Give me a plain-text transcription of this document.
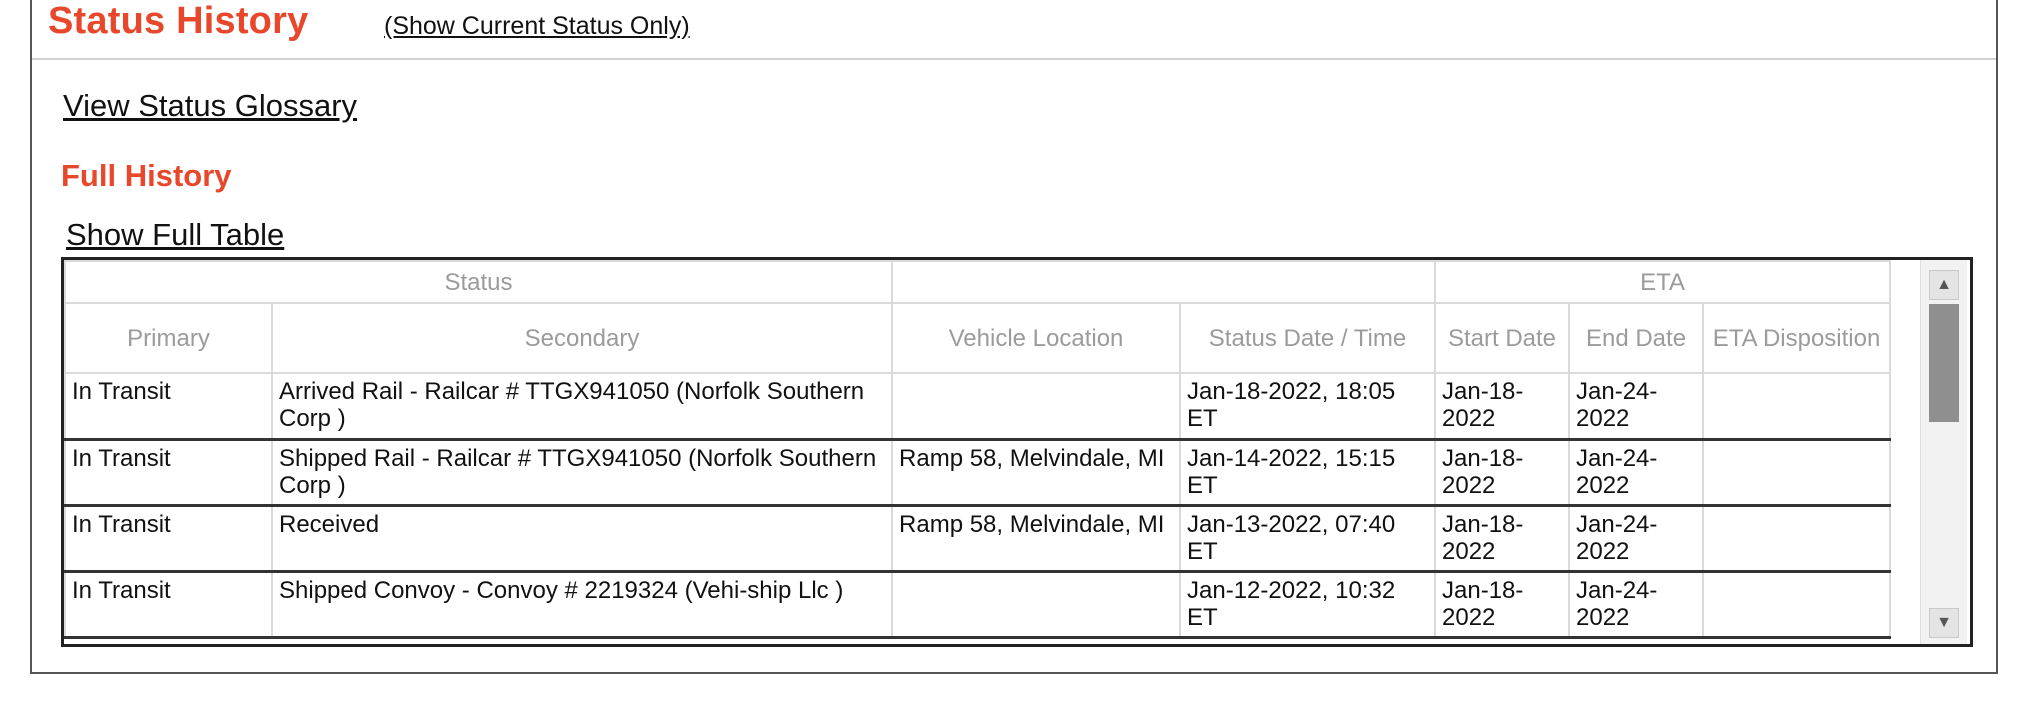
Status History	(Show Current Status Only)
View Status Glossary
Full History
Show Full Table
Status				ETA		
Primary	Secondary	Vehicle Location	Status Date / Time	Start Date	End Date	ETA Disposition
In Transit	Arrived Rail - Railcar # TTGX941050 (Norfolk Southern Corp )		Jan-18-2022, 18:05 ET	Jan-18-2022	Jan-24-2022	
In Transit	Shipped Rail - Railcar # TTGX941050 (Norfolk Southern Corp )	Ramp 58, Melvindale, MI	Jan-14-2022, 15:15 ET	Jan-18-2022	Jan-24-2022	
In Transit	Received	Ramp 58, Melvindale, MI	Jan-13-2022, 07:40 ET	Jan-18-2022	Jan-24-2022	
In Transit	Shipped Convoy - Convoy # 2219324 (Vehi-ship Llc )		Jan-12-2022, 10:32 ET	Jan-18-2022	Jan-24-2022	
▲
▼
